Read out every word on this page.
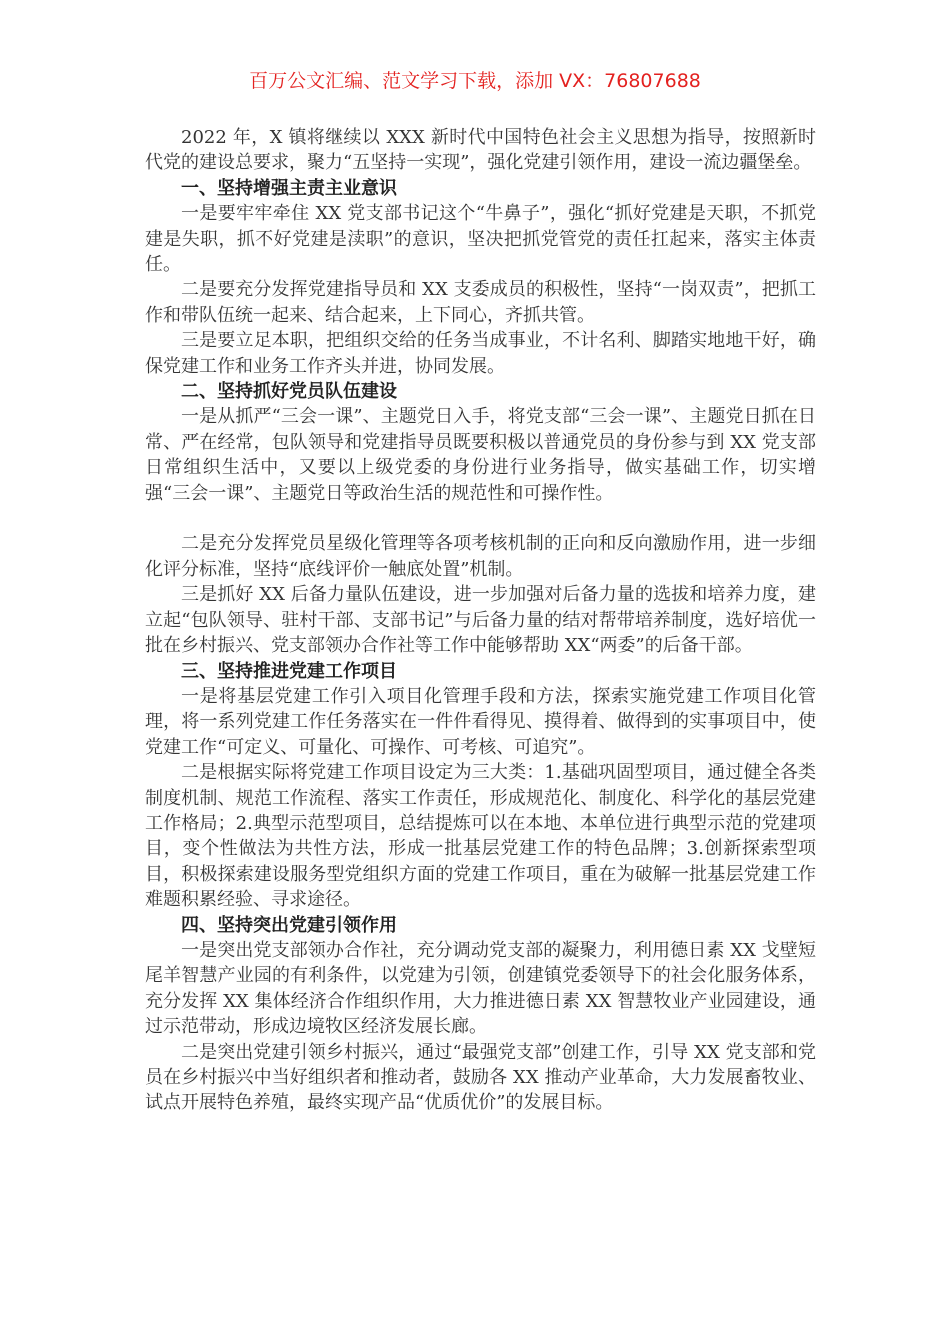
百万公文汇编、范文学习下载，添加 VX：76807688

2022 年，X 镇将继续以 XXX 新时代中国特色社会主义思想为指导，按照新时代党的建设总要求，聚力“五坚持一实现”，强化党建引领作用，建设一流边疆堡垒。

一、坚持增强主责主业意识

一是要牢牢牵住 XX 党支部书记这个“牛鼻子”，强化“抓好党建是天职，不抓党建是失职，抓不好党建是渎职”的意识，坚决把抓党管党的责任扛起来，落实主体责任。

二是要充分发挥党建指导员和 XX 支委成员的积极性，坚持“一岗双责”，把抓工作和带队伍统一起来、结合起来，上下同心，齐抓共管。

三是要立足本职，把组织交给的任务当成事业，不计名利、脚踏实地地干好，确保党建工作和业务工作齐头并进，协同发展。

二、坚持抓好党员队伍建设

一是从抓严“三会一课”、主题党日入手，将党支部“三会一课”、主题党日抓在日常、严在经常，包队领导和党建指导员既要积极以普通党员的身份参与到 XX 党支部日常组织生活中，又要以上级党委的身份进行业务指导，做实基础工作，切实增强“三会一课”、主题党日等政治生活的规范性和可操作性。

二是充分发挥党员星级化管理等各项考核机制的正向和反向激励作用，进一步细化评分标准，坚持“底线评价一触底处置”机制。

三是抓好 XX 后备力量队伍建设，进一步加强对后备力量的选拔和培养力度，建立起“包队领导、驻村干部、支部书记”与后备力量的结对帮带培养制度，选好培优一批在乡村振兴、党支部领办合作社等工作中能够帮助 XX“两委”的后备干部。

三、坚持推进党建工作项目

一是将基层党建工作引入项目化管理手段和方法，探索实施党建工作项目化管理，将一系列党建工作任务落实在一件件看得见、摸得着、做得到的实事项目中，使党建工作“可定义、可量化、可操作、可考核、可追究”。

二是根据实际将党建工作项目设定为三大类：1.基础巩固型项目，通过健全各类制度机制、规范工作流程、落实工作责任，形成规范化、制度化、科学化的基层党建工作格局；2.典型示范型项目，总结提炼可以在本地、本单位进行典型示范的党建项目，变个性做法为共性方法，形成一批基层党建工作的特色品牌；3.创新探索型项目，积极探索建设服务型党组织方面的党建工作项目，重在为破解一批基层党建工作难题积累经验、寻求途径。

四、坚持突出党建引领作用

一是突出党支部领办合作社，充分调动党支部的凝聚力，利用德日素 XX 戈壁短尾羊智慧产业园的有利条件，以党建为引领，创建镇党委领导下的社会化服务体系，充分发挥 XX 集体经济合作组织作用，大力推进德日素 XX 智慧牧业产业园建设，通过示范带动，形成边境牧区经济发展长廊。

二是突出党建引领乡村振兴，通过“最强党支部”创建工作，引导 XX 党支部和党员在乡村振兴中当好组织者和推动者，鼓励各 XX 推动产业革命，大力发展畜牧业、试点开展特色养殖，最终实现产品“优质优价”的发展目标。
